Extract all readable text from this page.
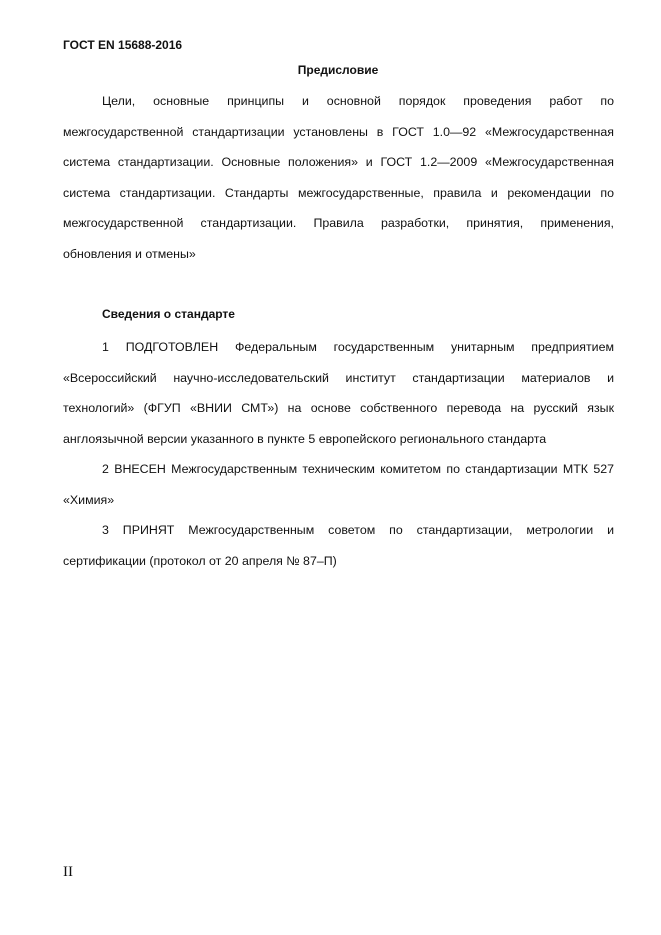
ГОСТ EN 15688-2016
Предисловие

Цели, основные принципы и основной порядок проведения работ по межгосударственной стандартизации установлены в ГОСТ 1.0—92 «Межгосударственная система стандартизации. Основные положения» и ГОСТ 1.2—2009 «Межгосударственная система стандартизации. Стандарты межгосударственные, правила и рекомендации по межгосударственной стандартизации. Правила разработки, принятия, применения, обновления и отмены»

Сведения о стандарте

1 ПОДГОТОВЛЕН Федеральным государственным унитарным предприятием «Всероссийский научно-исследовательский институт стандартизации материалов и технологий» (ФГУП «ВНИИ СМТ») на основе собственного перевода на русский язык англоязычной версии указанного в пункте 5 европейского регионального стандарта

2 ВНЕСЕН Межгосударственным техническим комитетом по стандартизации МТК 527 «Химия»

3 ПРИНЯТ Межгосударственным советом по стандартизации, метрологии и сертификации (протокол от 20 апреля № 87–П)

II
